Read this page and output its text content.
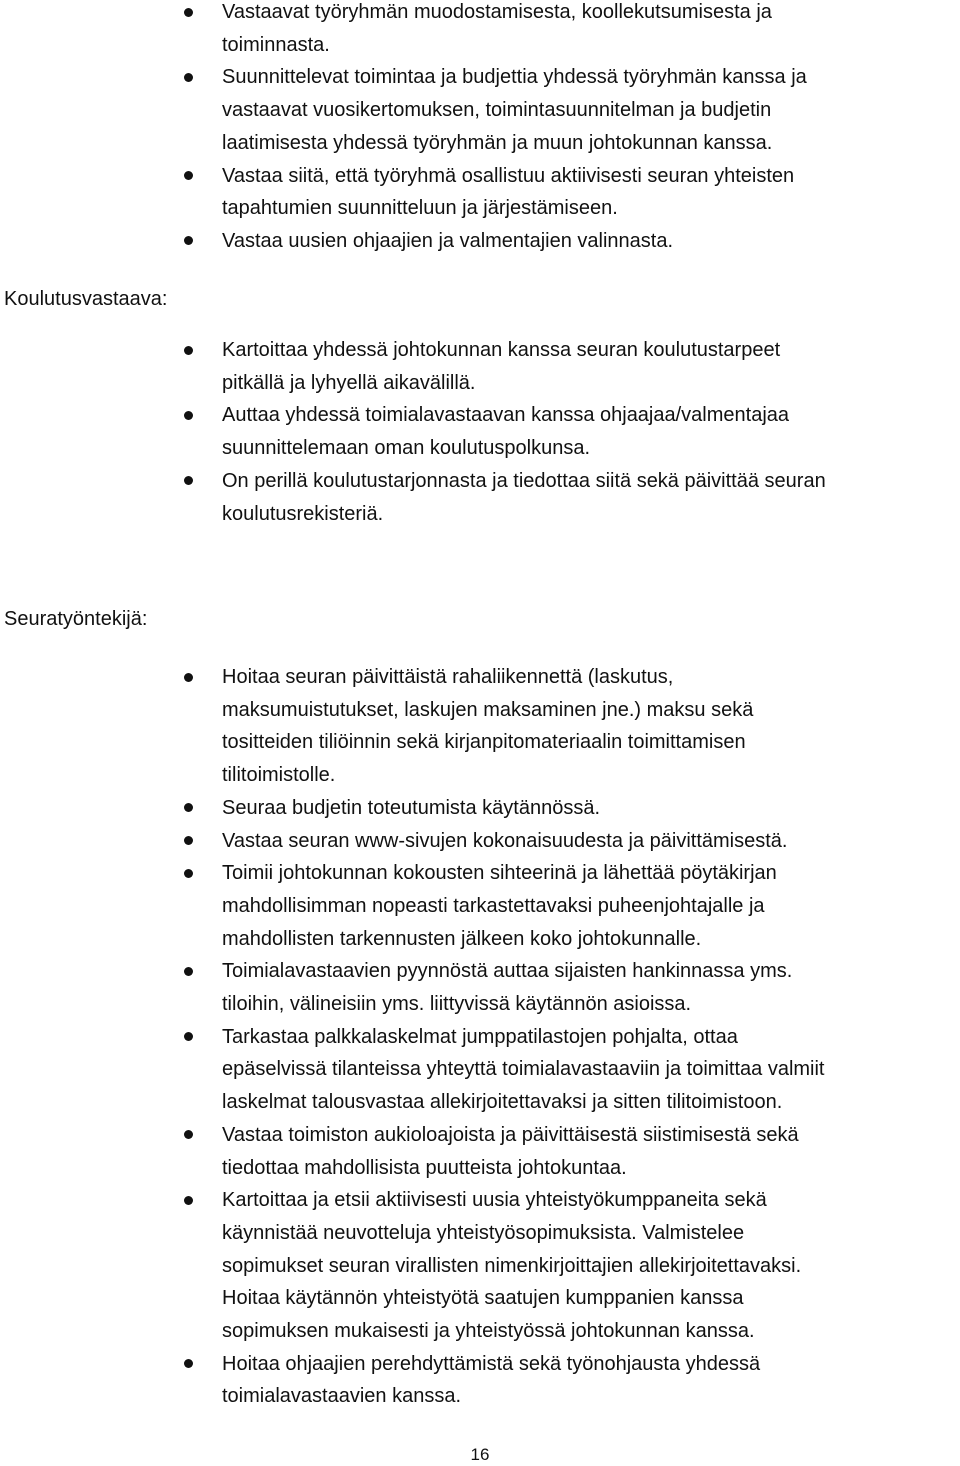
Vastaavat työryhmän muodostamisesta, koollekutsumisesta ja
toiminnasta.
Suunnittelevat toimintaa ja budjettia yhdessä työryhmän kanssa ja
vastaavat vuosikertomuksen, toimintasuunnitelman ja budjetin
laatimisesta yhdessä työryhmän ja muun johtokunnan kanssa.
Vastaa siitä, että työryhmä osallistuu aktiivisesti seuran yhteisten
tapahtumien suunnitteluun ja järjestämiseen.
Vastaa uusien ohjaajien ja valmentajien valinnasta.
Koulutusvastaava:
Kartoittaa yhdessä johtokunnan kanssa seuran koulutustarpeet
pitkällä ja lyhyellä aikavälillä.
Auttaa yhdessä toimialavastaavan kanssa ohjaajaa/valmentajaa
suunnittelemaan oman koulutuspolkunsa.
On perillä koulutustarjonnasta ja tiedottaa siitä sekä päivittää seuran
koulutusrekisteriä.
Seuratyöntekijä:
Hoitaa seuran päivittäistä rahaliikennettä (laskutus,
maksumuistutukset, laskujen maksaminen jne.) maksu sekä
tositteiden tiliöinnin sekä kirjanpitomateriaalin toimittamisen
tilitoimistolle.
Seuraa budjetin toteutumista käytännössä.
Vastaa seuran www-sivujen kokonaisuudesta ja päivittämisestä.
Toimii johtokunnan kokousten sihteerinä ja lähettää pöytäkirjan
mahdollisimman nopeasti tarkastettavaksi puheenjohtajalle ja
mahdollisten tarkennusten jälkeen koko johtokunnalle.
Toimialavastaavien pyynnöstä auttaa sijaisten hankinnassa yms.
tiloihin, välineisiin yms. liittyvissä käytännön asioissa.
Tarkastaa palkkalaskelmat jumppatilastojen pohjalta, ottaa
epäselvissä tilanteissa yhteyttä toimialavastaaviin ja toimittaa valmiit
laskelmat talousvastaa allekirjoitettavaksi ja sitten tilitoimistoon.
Vastaa toimiston aukioloajoista ja päivittäisestä siistimisestä sekä
tiedottaa mahdollisista puutteista johtokuntaa.
Kartoittaa ja etsii aktiivisesti uusia yhteistyökumppaneita sekä
käynnistää neuvotteluja yhteistyösopimuksista. Valmistelee
sopimukset seuran virallisten nimenkirjoittajien allekirjoitettavaksi.
Hoitaa käytännön yhteistyötä saatujen kumppanien kanssa
sopimuksen mukaisesti ja yhteistyössä johtokunnan kanssa.
Hoitaa ohjaajien perehdyttämistä sekä työnohjausta yhdessä
toimialavastaavien kanssa.
16
